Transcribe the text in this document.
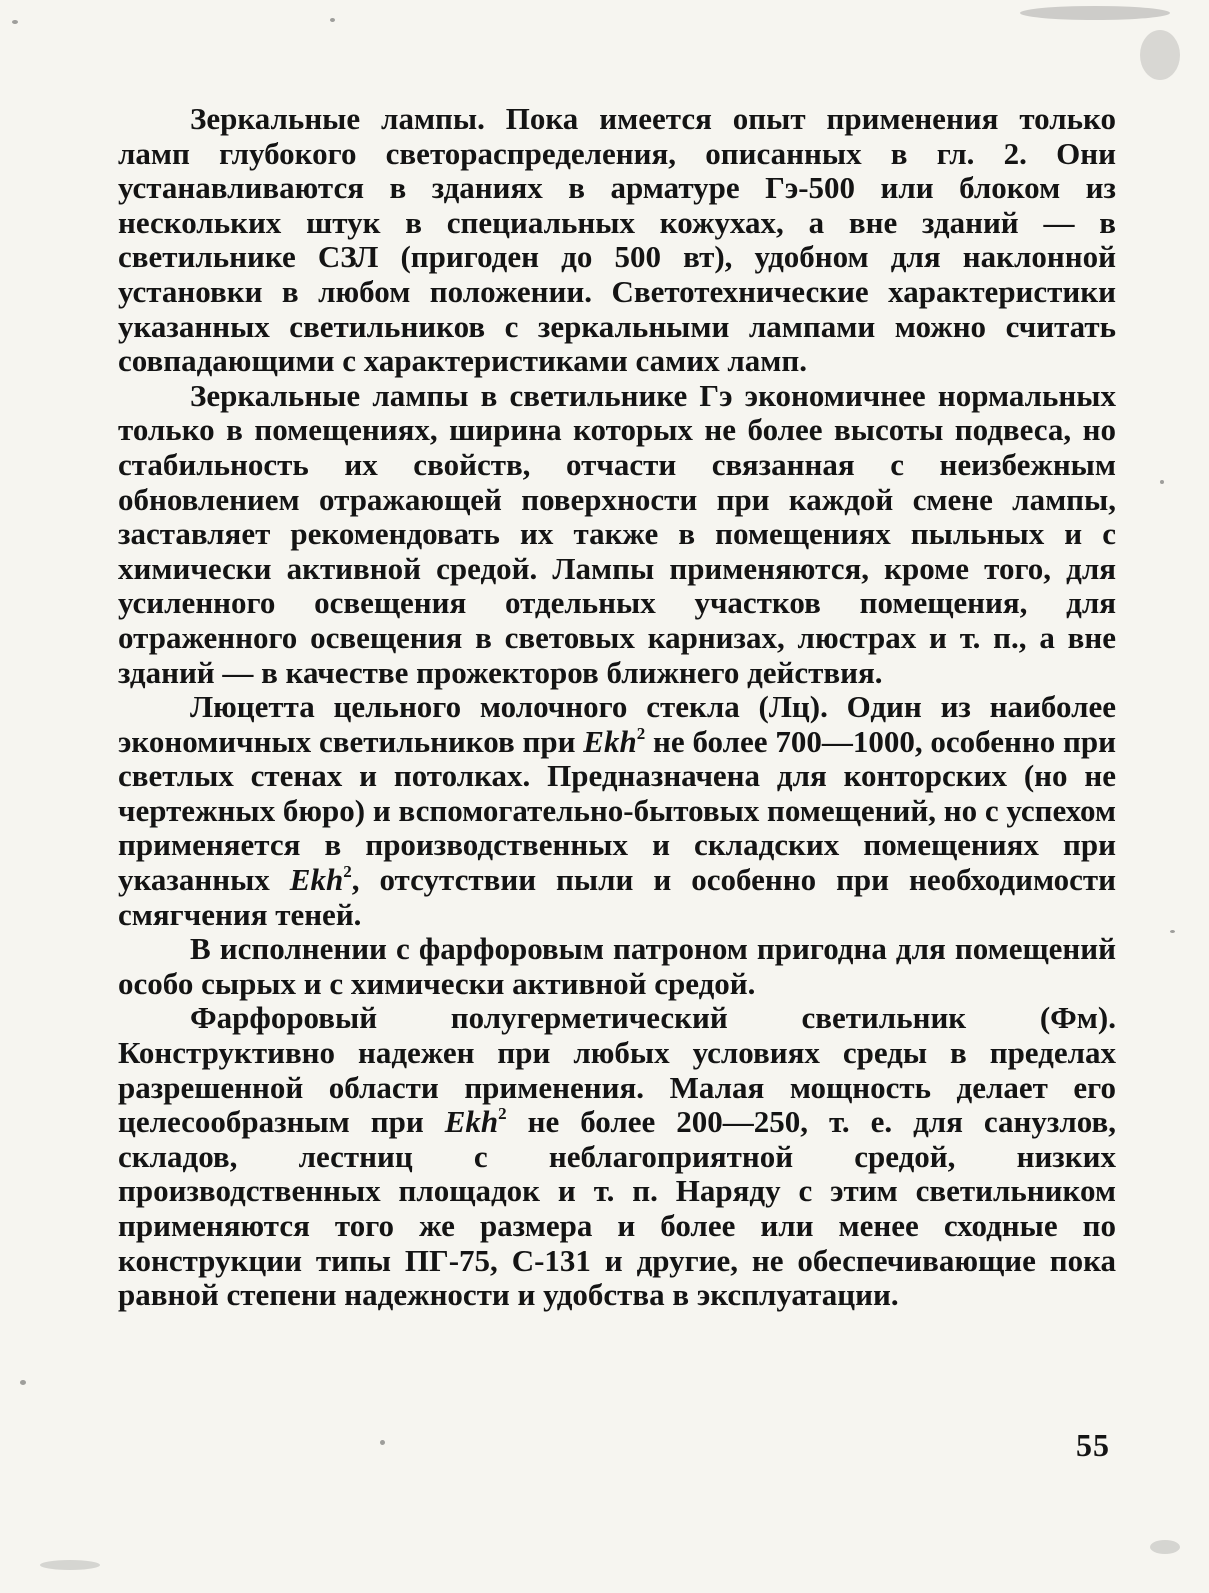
Зеркальные лампы. Пока имеется опыт применения только ламп глубокого светораспределения, описанных в гл. 2. Они устанавливаются в зданиях в арматуре Гэ-500 или блоком из нескольких штук в специальных кожухах, а вне зданий — в светильнике СЗЛ (пригоден до 500 вт), удобном для наклонной установки в любом положении. Светотехнические характеристики указанных светильников с зеркальными лампами можно считать совпадающими с характеристиками самих ламп.

Зеркальные лампы в светильнике Гэ экономичнее нормальных только в помещениях, ширина которых не более высоты подвеса, но стабильность их свойств, отчасти связанная с неизбежным обновлением отражающей поверхности при каждой смене лампы, заставляет рекомендовать их также в помещениях пыльных и с химически активной средой. Лампы применяются, кроме того, для усиленного освещения отдельных участков помещения, для отраженного освещения в световых карнизах, люстрах и т. п., а вне зданий — в качестве прожекторов ближнего действия.

Люцетта цельного молочного стекла (Лц). Один из наиболее экономичных светильников при Ekh$^2$ не более 700—1000, особенно при светлых стенах и потолках. Предназначена для конторских (но не чертежных бюро) и вспомогательно-бытовых помещений, но с успехом применяется в производственных и складских помещениях при указанных Ekh$^2$, отсутствии пыли и особенно при необходимости смягчения теней.

В исполнении с фарфоровым патроном пригодна для помещений особо сырых и с химически активной средой.

Фарфоровый полугерметический светильник (Фм). Конструктивно надежен при любых условиях среды в пределах разрешенной области применения. Малая мощность делает его целесообразным при Ekh$^2$ не более 200—250, т. е. для санузлов, складов, лестниц с неблагоприятной средой, низких производственных площадок и т. п. Наряду с этим светильником применяются того же размера и более или менее сходные по конструкции типы ПГ-75, С-131 и другие, не обеспечивающие пока равной степени надежности и удобства в эксплуатации.

55
